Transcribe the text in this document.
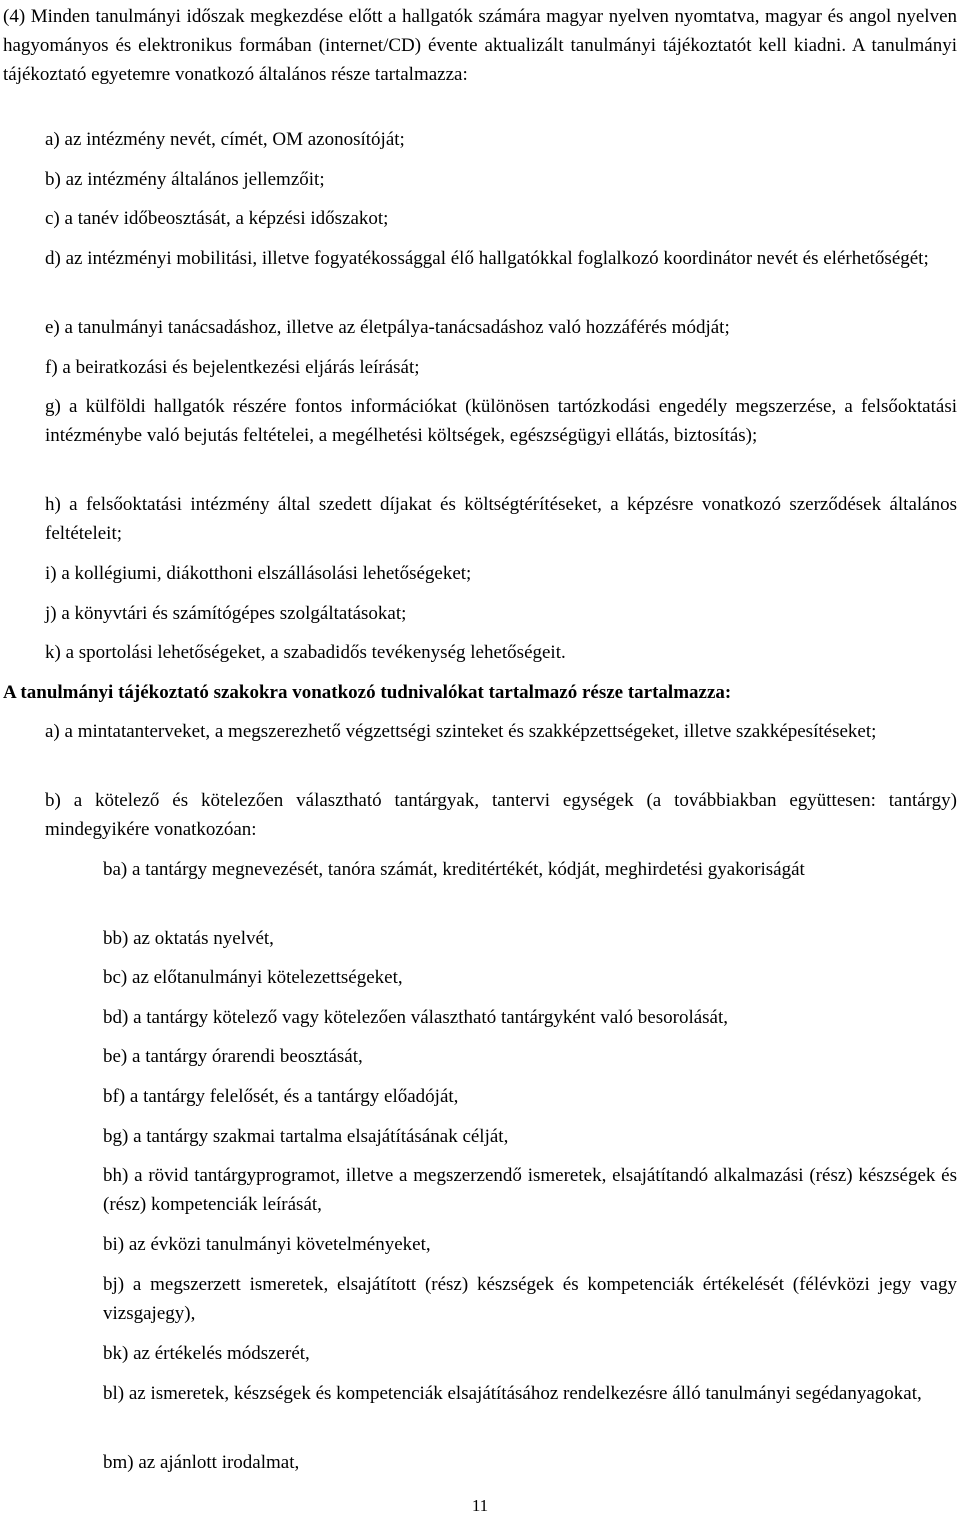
(4) Minden tanulmányi időszak megkezdése előtt a hallgatók számára magyar nyelven nyomtatva, magyar és angol nyelven hagyományos és elektronikus formában (internet/CD) évente aktualizált tanulmányi tájékoztatót kell kiadni. A tanulmányi tájékoztató egyetemre vonatkozó általános része tartalmazza:

a) az intézmény nevét, címét, OM azonosítóját;

b) az intézmény általános jellemzőit;

c) a tanév időbeosztását, a képzési időszakot;

d) az intézményi mobilitási, illetve fogyatékossággal élő hallgatókkal foglalkozó koordinátor nevét és elérhetőségét;

e) a tanulmányi tanácsadáshoz, illetve az életpálya-tanácsadáshoz való hozzáférés módját;

f) a beiratkozási és bejelentkezési eljárás leírását;

g) a külföldi hallgatók részére fontos információkat (különösen tartózkodási engedély megszerzése, a felsőoktatási intézménybe való bejutás feltételei, a megélhetési költségek, egészségügyi ellátás, biztosítás);

h) a felsőoktatási intézmény által szedett díjakat és költségtérítéseket, a képzésre vonatkozó szerződések általános feltételeit;

i) a kollégiumi, diákotthoni elszállásolási lehetőségeket;

j) a könyvtári és számítógépes szolgáltatásokat;

k) a sportolási lehetőségeket, a szabadidős tevékenység lehetőségeit.

A tanulmányi tájékoztató szakokra vonatkozó tudnivalókat tartalmazó része tartalmazza:

a) a mintatanterveket, a megszerezhető végzettségi szinteket és szakképzettségeket, illetve szakképesítéseket;

b) a kötelező és kötelezően választható tantárgyak, tantervi egységek (a továbbiakban együttesen: tantárgy) mindegyikére vonatkozóan:

ba) a tantárgy megnevezését, tanóra számát, kreditértékét, kódját, meghirdetési gyakoriságát

bb) az oktatás nyelvét,

bc) az előtanulmányi kötelezettségeket,

bd) a tantárgy kötelező vagy kötelezően választható tantárgyként való besorolását,

be) a tantárgy órarendi beosztását,

bf) a tantárgy felelősét, és a tantárgy előadóját,

bg) a tantárgy szakmai tartalma elsajátításának célját,

bh) a rövid tantárgyprogramot, illetve a megszerzendő ismeretek, elsajátítandó alkalmazási (rész) készségek és (rész) kompetenciák leírását,

bi) az évközi tanulmányi követelményeket,

bj) a megszerzett ismeretek, elsajátított (rész) készségek és kompetenciák értékelését (félévközi jegy vagy vizsgajegy),

bk) az értékelés módszerét,

bl) az ismeretek, készségek és kompetenciák elsajátításához rendelkezésre álló tanulmányi segédanyagokat,

bm) az ajánlott irodalmat,

11
